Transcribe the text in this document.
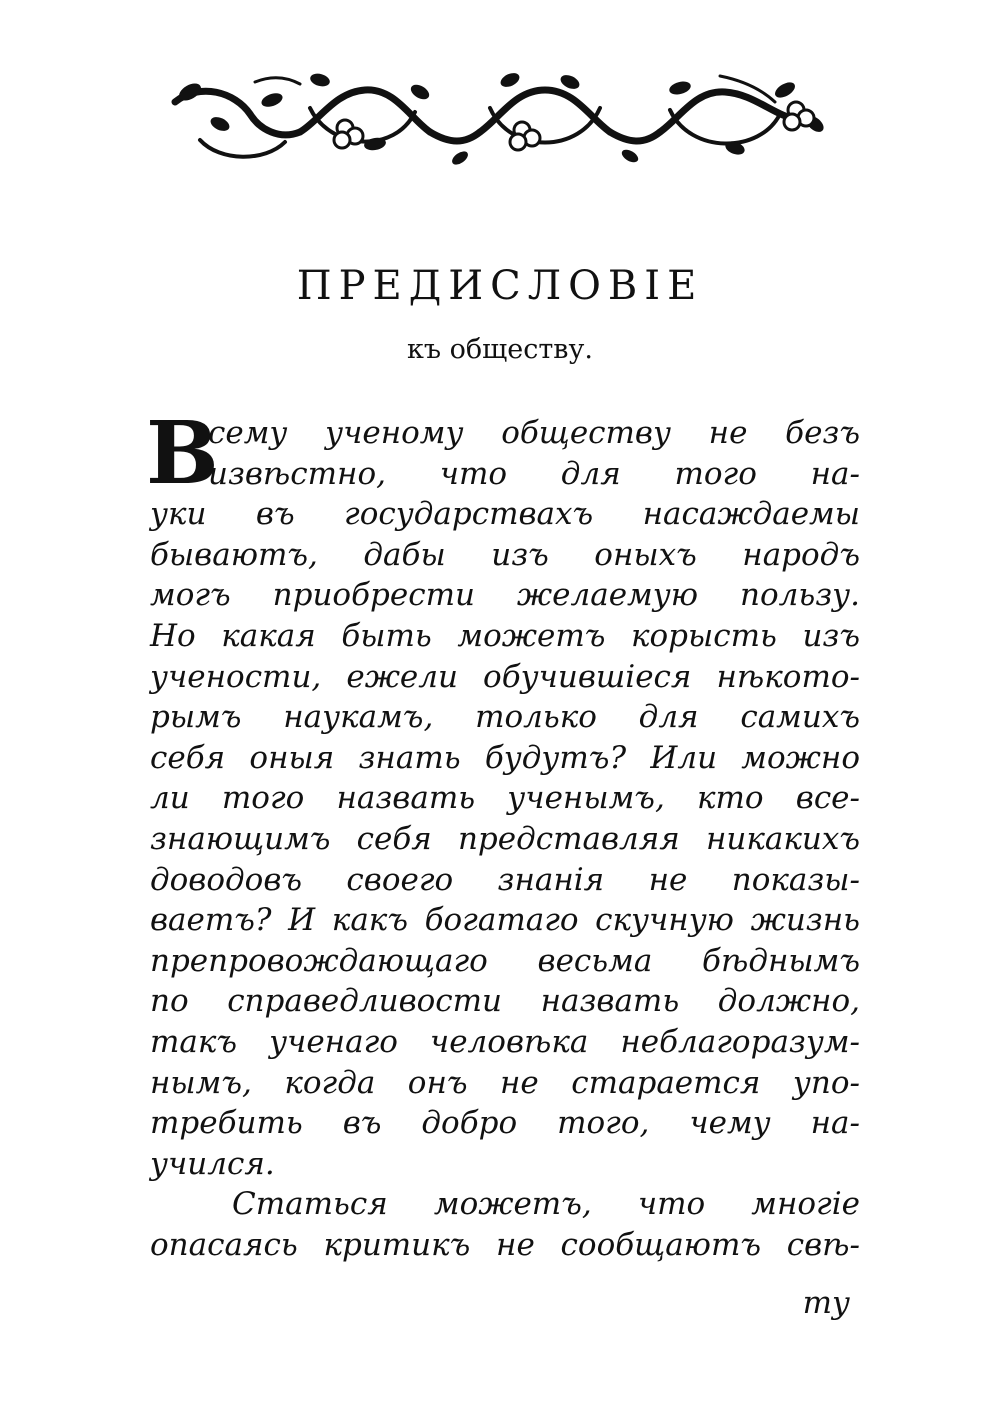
ПРЕДИСЛОВІЕ
къ обществу.
В
сему ученому обществу не безъ
извѣстно, что для того на-
уки въ государствахъ насаждаемы
бываютъ, дабы изъ оныхъ народъ
могъ приобрести желаемую пользу.
Но какая быть можетъ корысть изъ
учености, ежели обучившіеся нѣкото-
рымъ наукамъ, только для самихъ
себя оныя знать будутъ? Или можно
ли того назвать ученымъ, кто все-
знающимъ себя представляя никакихъ
доводовъ своего знанія не показы-
ваетъ? И какъ богатаго скучную жизнь
препровождающаго весьма бѣднымъ
по справедливости назвать должно,
такъ ученаго человѣка неблагоразум-
нымъ, когда онъ не старается упо-
требить въ добро того, чему на-
учился.
Статься можетъ, что многіе
опасаясь критикъ не сообщаютъ свѣ-
ту
